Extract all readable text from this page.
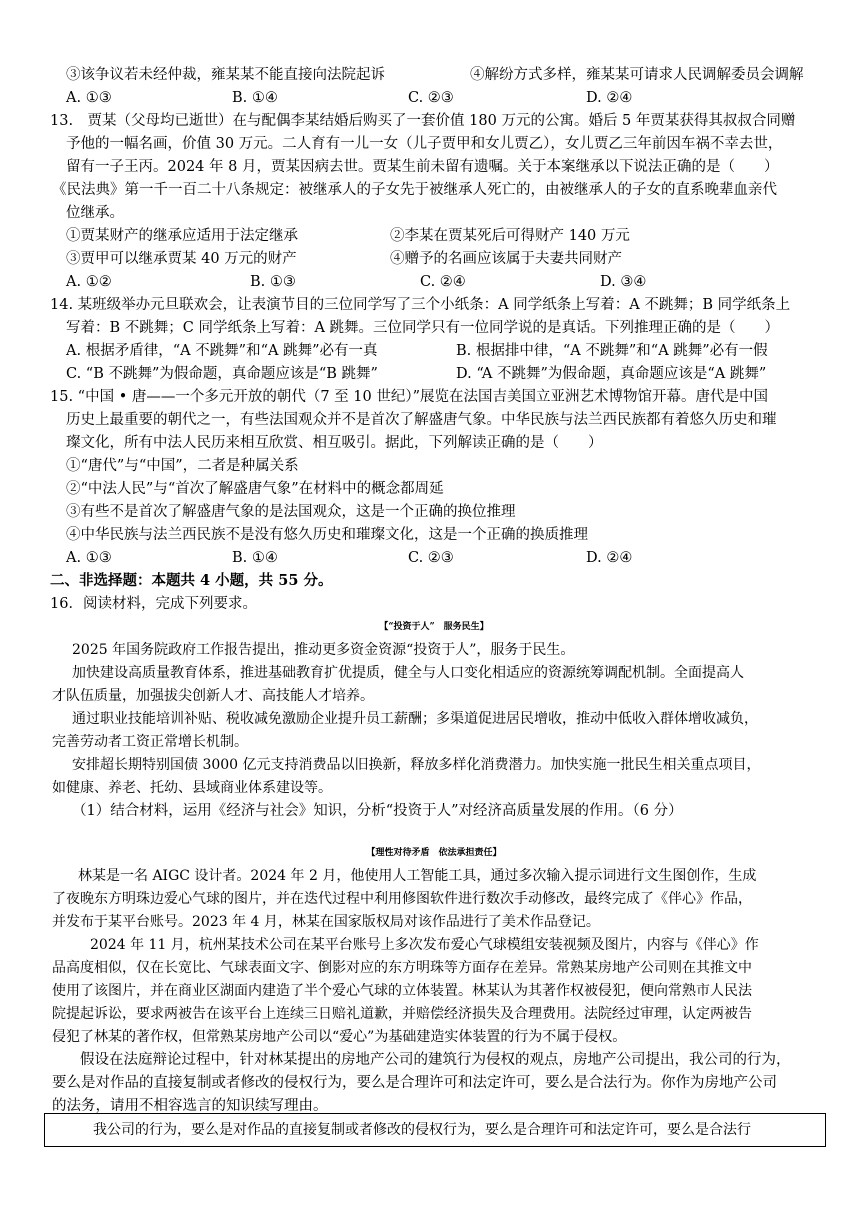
③该争议若未经仲裁，雍某某不能直接向法院起诉	④解纷方式多样，雍某某可请求人民调解委员会调解
A. ①③	B. ①④	C. ②③	D. ②④
13.　贾某（父母均已逝世）在与配偶李某结婚后购买了一套价值 180 万元的公寓。婚后 5 年贾某获得其叔叔合同赠
予他的一幅名画，价值 30 万元。二人育有一儿一女（儿子贾甲和女儿贾乙），女儿贾乙三年前因车祸不幸去世，
留有一子王丙。2024 年 8 月，贾某因病去世。贾某生前未留有遗嘱。关于本案继承以下说法正确的是（　　）
《民法典》第一千一百二十八条规定：被继承人的子女先于被继承人死亡的，由被继承人的子女的直系晚辈血亲代
位继承。
①贾某财产的继承应适用于法定继承	②李某在贾某死后可得财产 140 万元
③贾甲可以继承贾某 40 万元的财产	④赠予的名画应该属于夫妻共同财产
A. ①②	B. ①③	C. ②④	D. ③④
14. 某班级举办元旦联欢会，让表演节目的三位同学写了三个小纸条：A 同学纸条上写着：A 不跳舞；B 同学纸条上
写着：B 不跳舞；C 同学纸条上写着：A 跳舞。三位同学只有一位同学说的是真话。下列推理正确的是（　　）
A. 根据矛盾律，“A 不跳舞”和“A 跳舞”必有一真	B. 根据排中律，“A 不跳舞”和“A 跳舞”必有一假
C. “B 不跳舞”为假命题，真命题应该是“B 跳舞”	D. “A 不跳舞”为假命题，真命题应该是“A 跳舞”
15. “中国 • 唐——一个多元开放的朝代（7 至 10 世纪）”展览在法国吉美国立亚洲艺术博物馆开幕。唐代是中国
历史上最重要的朝代之一，有些法国观众并不是首次了解盛唐气象。中华民族与法兰西民族都有着悠久历史和璀
璨文化，所有中法人民历来相互欣赏、相互吸引。据此，下列解读正确的是（　　）
①“唐代”与“中国”，二者是种属关系
②“中法人民”与“首次了解盛唐气象”在材料中的概念都周延
③有些不是首次了解盛唐气象的是法国观众，这是一个正确的换位推理
④中华民族与法兰西民族不是没有悠久历史和璀璨文化，这是一个正确的换质推理
A. ①③	B. ①④	C. ②③	D. ②④
二、非选择题：本题共 4 小题，共 55 分。
16．阅读材料，完成下列要求。
【“投资于人”　服务民生】
2025 年国务院政府工作报告提出，推动更多资金资源“投资于人”，服务于民生。
加快建设高质量教育体系，推进基础教育扩优提质，健全与人口变化相适应的资源统筹调配机制。全面提高人
才队伍质量，加强拔尖创新人才、高技能人才培养。
通过职业技能培训补贴、税收减免激励企业提升员工薪酬；多渠道促进居民增收，推动中低收入群体增收减负，
完善劳动者工资正常增长机制。
安排超长期特别国债 3000 亿元支持消费品以旧换新，释放多样化消费潜力。加快实施一批民生相关重点项目，
如健康、养老、托幼、县域商业体系建设等。
（1）结合材料，运用《经济与社会》知识，分析“投资于人”对经济高质量发展的作用。（6 分）
【理性对待矛盾　依法承担责任】
林某是一名 AIGC 设计者。2024 年 2 月，他使用人工智能工具，通过多次输入提示词进行文生图创作，生成
了夜晚东方明珠边爱心气球的图片，并在迭代过程中利用修图软件进行数次手动修改，最终完成了《伴心》作品，
并发布于某平台账号。2023 年 4 月，林某在国家版权局对该作品进行了美术作品登记。
2024 年 11 月，杭州某技术公司在某平台账号上多次发布爱心气球模组安装视频及图片，内容与《伴心》作
品高度相似，仅在长宽比、气球表面文字、倒影对应的东方明珠等方面存在差异。常熟某房地产公司则在其推文中
使用了该图片，并在商业区湖面内建造了半个爱心气球的立体装置。林某认为其著作权被侵犯，便向常熟市人民法
院提起诉讼，要求两被告在该平台上连续三日赔礼道歉，并赔偿经济损失及合理费用。法院经过审理，认定两被告
侵犯了林某的著作权，但常熟某房地产公司以“爱心”为基础建造实体装置的行为不属于侵权。
假设在法庭辩论过程中，针对林某提出的房地产公司的建筑行为侵权的观点，房地产公司提出，我公司的行为，
要么是对作品的直接复制或者修改的侵权行为，要么是合理许可和法定许可，要么是合法行为。你作为房地产公司
的法务，请用不相容选言的知识续写理由。
我公司的行为，要么是对作品的直接复制或者修改的侵权行为，要么是合理许可和法定许可，要么是合法行
